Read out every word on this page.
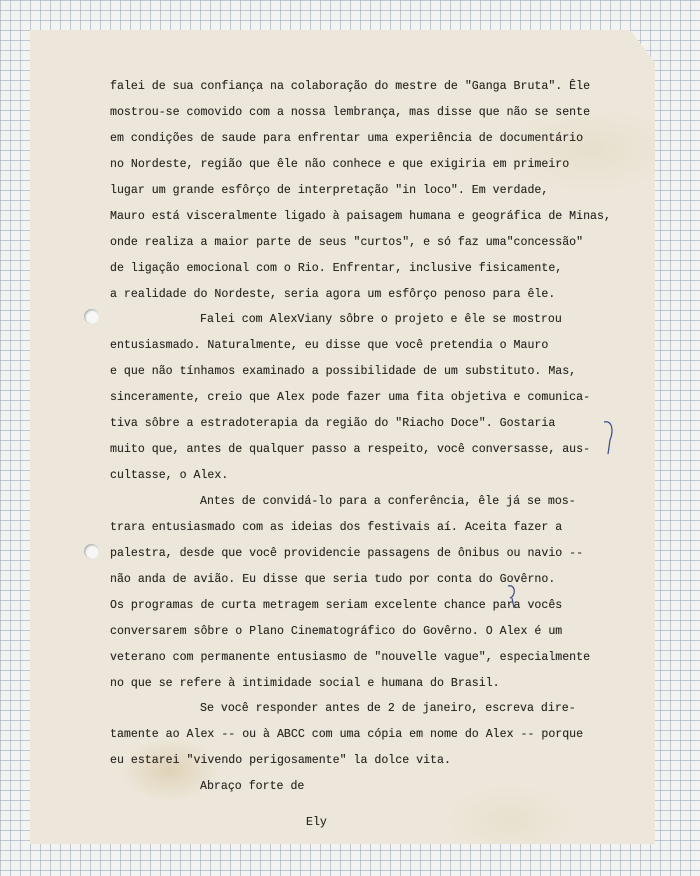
falei de sua confiança na colaboração do mestre de "Ganga Bruta". Êle

mostrou-se comovido com a nossa lembrança, mas disse que não se sente

em condições de saude para enfrentar uma experiência de documentário

no Nordeste, região que êle não conhece e que exigiria em primeiro

lugar um grande esfôrço de interpretação "in loco". Em verdade,

Mauro está visceralmente ligado à paisagem humana e geográfica de Minas,

onde realiza a maior parte de seus "curtos", e só faz uma"concessão"

de ligação emocional com o Rio. Enfrentar, inclusive fisicamente,

a realidade do Nordeste, seria agora um esfôrço penoso para êle.

Falei com AlexViany sôbre o projeto e êle se mostrou

entusiasmado. Naturalmente, eu disse que você pretendia o Mauro

e que não tínhamos examinado a possibilidade de um substituto. Mas,

sinceramente, creio que Alex pode fazer uma fita objetiva e comunica-

tiva sôbre a estradoterapia da região do "Riacho Doce". Gostaria

muito que, antes de qualquer passo a respeito, você conversasse, aus-

cultasse, o Alex.

Antes de convidá-lo para a conferência, êle já se mos-

trara entusiasmado com as ideias dos festivais aí. Aceita fazer a

palestra, desde que você providencie passagens de ônibus ou navio --

não anda de avião. Eu disse que seria tudo por conta do Govêrno.

Os programas de curta metragem seriam excelente chance para vocês

conversarem sôbre o Plano Cinematográfico do Govêrno. O Alex é um

veterano com permanente entusiasmo de "nouvelle vague", especialmente

no que se refere à intimidade social e humana do Brasil.

Se você responder antes de 2 de janeiro, escreva dire-

tamente ao Alex -- ou à ABCC com uma cópia em nome do Alex -- porque

eu estarei "vivendo perigosamente" la dolce vita.

Abraço forte de

Ely
